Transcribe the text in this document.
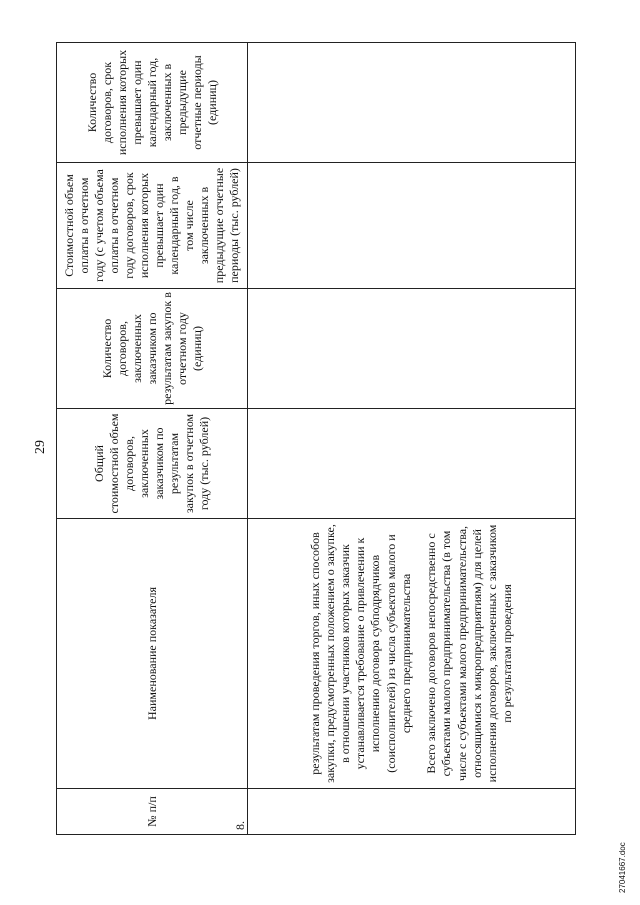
29
№ п/п	Наименование показателя	Общий стоимостной объем договоров, заключенных заказчиком по результатам закупок в отчетном году (тыс. рублей)	Количество договоров, заключенных заказчиком по результатам закупок в отчетном году (единиц)	Стоимостной объем оплаты в отчетном году (с учетом объема оплаты в отчетном году договоров, срок исполнения которых превышает один календарный год, в том числе заключенных в предыдущие отчетные периоды (тыс. рублей)	Количество договоров, срок исполнения которых превышает один календарный год, заключенных в предыдущие отчетные периоды (единиц)

8.	результатам проведения торгов, иных способов закупки, предусмотренных положением о закупке, в отношении участников которых заказчик устанавливается требование о привлечении к исполнению договора субподрядчиков (соисполнителей) из числа субъектов малого и среднего предпринимательства Всего заключено договоров непосредственно с субъектами малого предпринимательства (в том числе с субъектами малого предпринимательства, относящимися к микропредприятиям) для целей исполнения договоров, заключенных с заказчиком по результатам проведения				

27041667.doc
